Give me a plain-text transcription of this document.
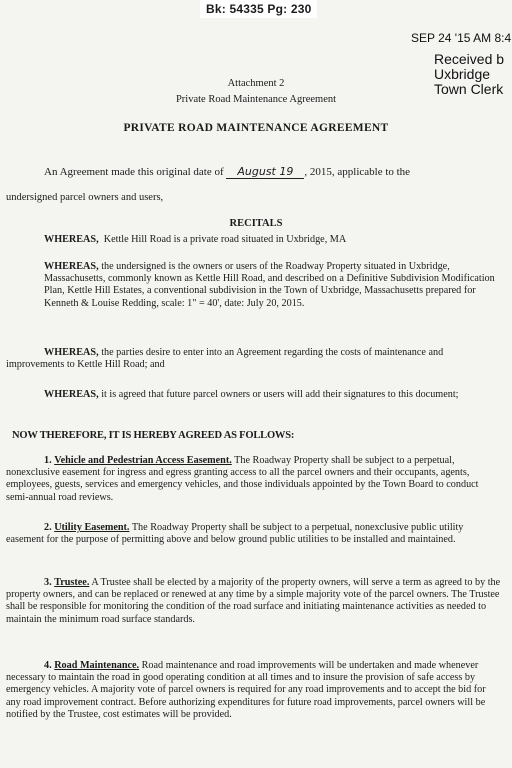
Bk: 54335 Pg: 230
SEP 24 '15 AM 8:4
Received b
Uxbridge
Town Clerk
Attachment 2
Private Road Maintenance Agreement
PRIVATE ROAD MAINTENANCE AGREEMENT
An Agreement made this original date of August 19 , 2015, applicable to the
undersigned parcel owners and users,
RECITALS
WHEREAS, Kettle Hill Road is a private road situated in Uxbridge, MA
WHEREAS, the undersigned is the owners or users of the Roadway Property situated in Uxbridge, Massachusetts, commonly known as Kettle Hill Road, and described on a Definitive Subdivision Modification Plan, Kettle Hill Estates, a conventional subdivision in the Town of Uxbridge, Massachusetts prepared for Kenneth & Louise Redding, scale: 1" = 40', date: July 20, 2015.
WHEREAS, the parties desire to enter into an Agreement regarding the costs of maintenance and improvements to Kettle Hill Road; and
WHEREAS, it is agreed that future parcel owners or users will add their signatures to this document;
NOW THEREFORE, IT IS HEREBY AGREED AS FOLLOWS:
1. Vehicle and Pedestrian Access Easement. The Roadway Property shall be subject to a perpetual, nonexclusive easement for ingress and egress granting access to all the parcel owners and their occupants, agents, employees, guests, services and emergency vehicles, and those individuals appointed by the Town Board to conduct semi-annual road reviews.
2. Utility Easement. The Roadway Property shall be subject to a perpetual, nonexclusive public utility easement for the purpose of permitting above and below ground public utilities to be installed and maintained.
3. Trustee. A Trustee shall be elected by a majority of the property owners, will serve a term as agreed to by the property owners, and can be replaced or renewed at any time by a simple majority vote of the parcel owners. The Trustee shall be responsible for monitoring the condition of the road surface and initiating maintenance activities as needed to maintain the minimum road surface standards.
4. Road Maintenance. Road maintenance and road improvements will be undertaken and made whenever necessary to maintain the road in good operating condition at all times and to insure the provision of safe access by emergency vehicles. A majority vote of parcel owners is required for any road improvements and to accept the bid for any road improvement contract. Before authorizing expenditures for future road improvements, parcel owners will be notified by the Trustee, cost estimates will be provided.
